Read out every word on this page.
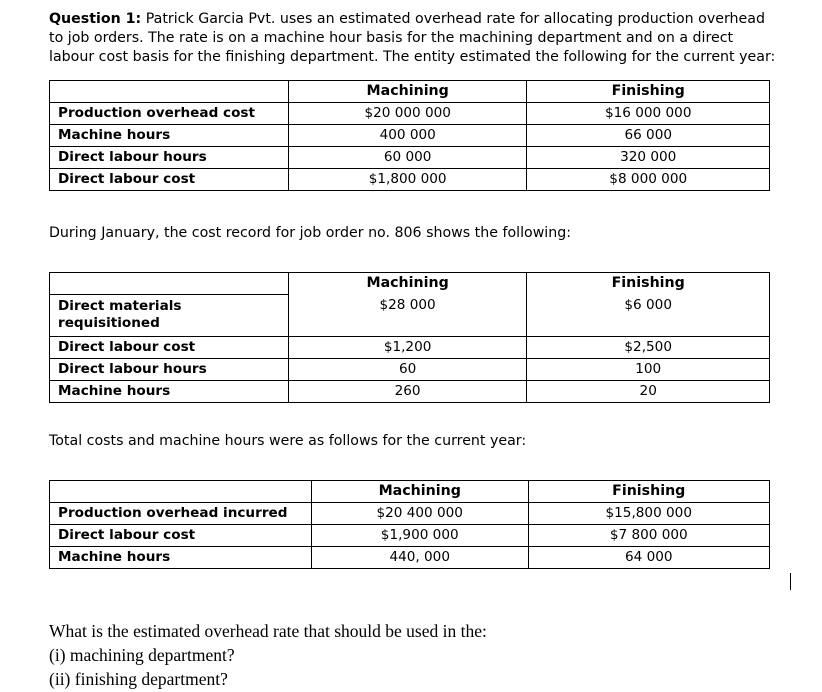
Question 1: Patrick Garcia Pvt. uses an estimated overhead rate for allocating production overhead to job orders. The rate is on a machine hour basis for the machining department and on a direct labour cost basis for the finishing department. The entity estimated the following for the current year:
	Machining	Finishing
Production overhead cost	$20 000 000	$16 000 000
Machine hours	400 000	66 000
Direct labour hours	60 000	320 000
Direct labour cost	$1,800 000	$8 000 000
During January, the cost record for job order no. 806 shows the following:
	Machining	Finishing
Direct materials
requisitioned	$28 000	$6 000
Direct labour cost	$1,200	$2,500
Direct labour hours	60	100
Machine hours	260	20
Total costs and machine hours were as follows for the current year:
	Machining	Finishing
Production overhead incurred	$20 400 000	$15,800 000
Direct labour cost	$1,900 000	$7 800 000
Machine hours	440, 000	64 000
What is the estimated overhead rate that should be used in the:
(i) machining department?
(ii) finishing department?
